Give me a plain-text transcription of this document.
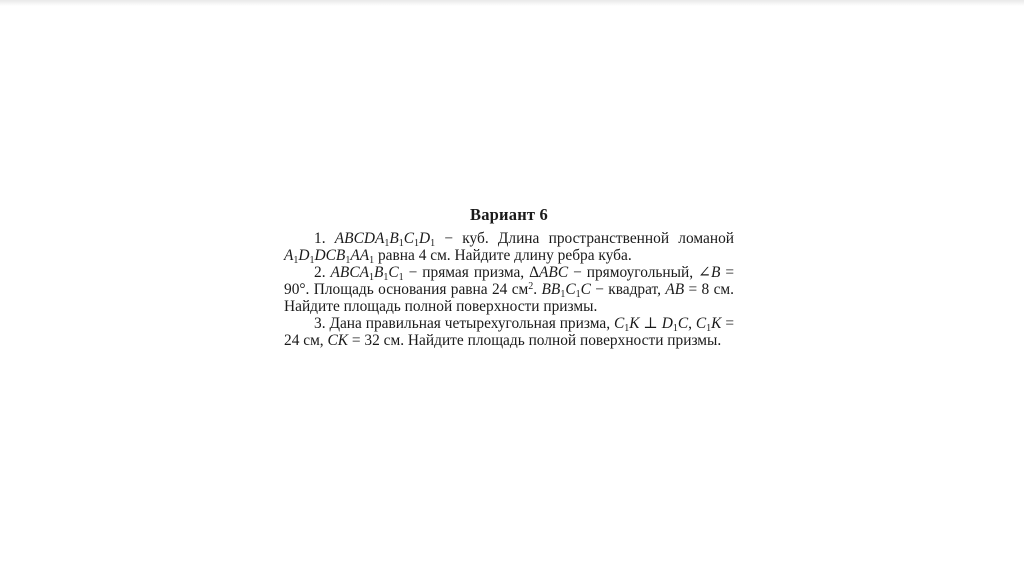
Вариант 6

1. $ABCDA_1B_1C_1D_1$ − куб. Длина пространственной ломаной $A_1D_1DCB_1AA_1$ равна 4 см. Найдите длину ребра куба.

2. $ABCA_1B_1C_1$ − прямая призма, ΔABC − прямоугольный, ∠B = 90°. Площадь основания равна 24 $см^2$. $BB_1C_1C$ − квадрат, AB = 8 см. Найдите площадь полной поверхности призмы.

3. Дана правильная четырехугольная призма, $C_1K$ ⊥ $D_1C$, $C_1K = 24$ см, CK = 32 см. Найдите площадь полной поверхности призмы.
